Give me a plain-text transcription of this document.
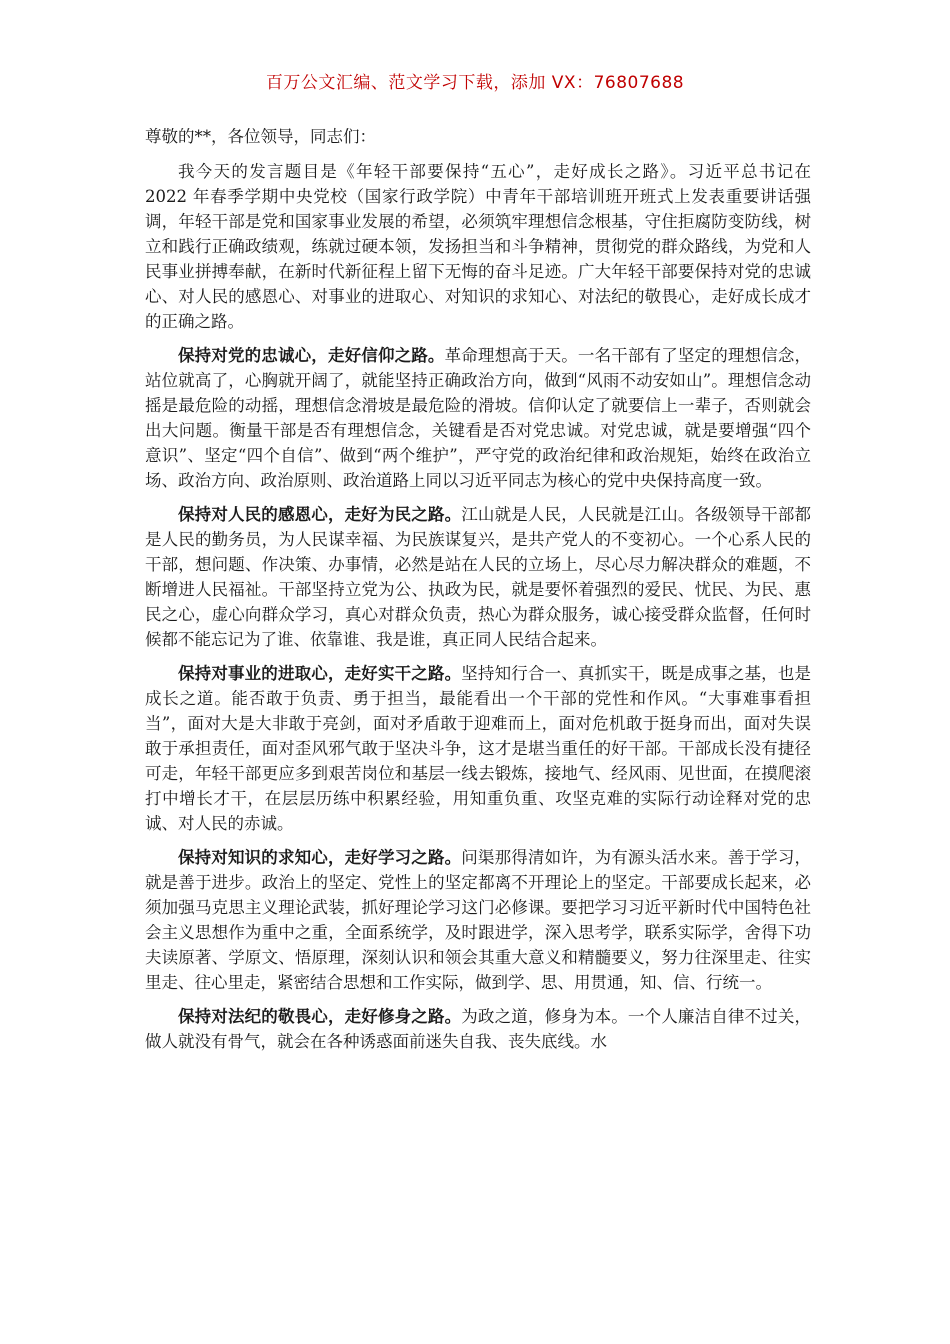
百万公文汇编、范文学习下载，添加 VX：76807688
尊敬的**，各位领导，同志们：

我今天的发言题目是《年轻干部要保持“五心”，走好成长之路》。习近平总书记在 2022 年春季学期中央党校（国家行政学院）中青年干部培训班开班式上发表重要讲话强调，年轻干部是党和国家事业发展的希望，必须筑牢理想信念根基，守住拒腐防变防线，树立和践行正确政绩观，练就过硬本领，发扬担当和斗争精神，贯彻党的群众路线，为党和人民事业拼搏奉献，在新时代新征程上留下无悔的奋斗足迹。广大年轻干部要保持对党的忠诚心、对人民的感恩心、对事业的进取心、对知识的求知心、对法纪的敬畏心，走好成长成才的正确之路。

保持对党的忠诚心，走好信仰之路。革命理想高于天。一名干部有了坚定的理想信念，站位就高了，心胸就开阔了，就能坚持正确政治方向，做到“风雨不动安如山”。理想信念动摇是最危险的动摇，理想信念滑坡是最危险的滑坡。信仰认定了就要信上一辈子，否则就会出大问题。衡量干部是否有理想信念，关键看是否对党忠诚。对党忠诚，就是要增强“四个意识”、坚定“四个自信”、做到“两个维护”，严守党的政治纪律和政治规矩，始终在政治立场、政治方向、政治原则、政治道路上同以习近平同志为核心的党中央保持高度一致。

保持对人民的感恩心，走好为民之路。江山就是人民，人民就是江山。各级领导干部都是人民的勤务员，为人民谋幸福、为民族谋复兴，是共产党人的不变初心。一个心系人民的干部，想问题、作决策、办事情，必然是站在人民的立场上，尽心尽力解决群众的难题，不断增进人民福祉。干部坚持立党为公、执政为民，就是要怀着强烈的爱民、忧民、为民、惠民之心，虚心向群众学习，真心对群众负责，热心为群众服务，诚心接受群众监督，任何时候都不能忘记为了谁、依靠谁、我是谁，真正同人民结合起来。

保持对事业的进取心，走好实干之路。坚持知行合一、真抓实干，既是成事之基，也是成长之道。能否敢于负责、勇于担当，最能看出一个干部的党性和作风。“大事难事看担当”，面对大是大非敢于亮剑，面对矛盾敢于迎难而上，面对危机敢于挺身而出，面对失误敢于承担责任，面对歪风邪气敢于坚决斗争，这才是堪当重任的好干部。干部成长没有捷径可走，年轻干部更应多到艰苦岗位和基层一线去锻炼，接地气、经风雨、见世面，在摸爬滚打中增长才干，在层层历练中积累经验，用知重负重、攻坚克难的实际行动诠释对党的忠诚、对人民的赤诚。

保持对知识的求知心，走好学习之路。问渠那得清如许，为有源头活水来。善于学习，就是善于进步。政治上的坚定、党性上的坚定都离不开理论上的坚定。干部要成长起来，必须加强马克思主义理论武装，抓好理论学习这门必修课。要把学习习近平新时代中国特色社会主义思想作为重中之重，全面系统学，及时跟进学，深入思考学，联系实际学，舍得下功夫读原著、学原文、悟原理，深刻认识和领会其重大意义和精髓要义，努力往深里走、往实里走、往心里走，紧密结合思想和工作实际，做到学、思、用贯通，知、信、行统一。

保持对法纪的敬畏心，走好修身之路。为政之道，修身为本。一个人廉洁自律不过关，做人就没有骨气，就会在各种诱惑面前迷失自我、丧失底线。水
